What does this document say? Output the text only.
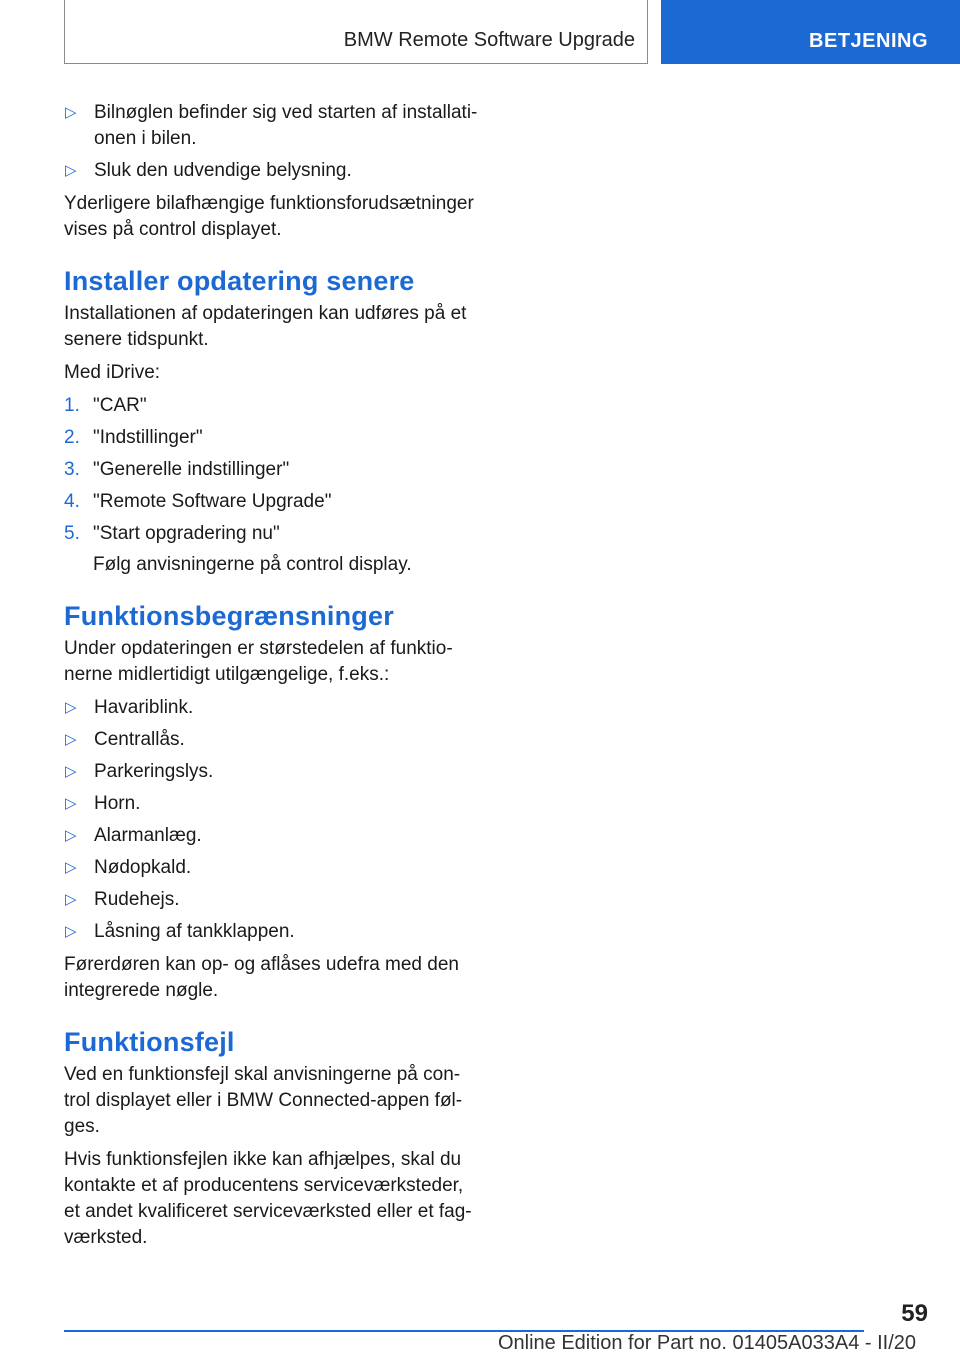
BMW Remote Software Upgrade	BETJENING
▷ Bilnøglen befinder sig ved starten af installati-onen i bilen.
▷ Sluk den udvendige belysning.

Yderligere bilafhængige funktionsforudsætninger vises på control displayet.

Installer opdatering senere

Installationen af opdateringen kan udføres på et senere tidspunkt.

Med iDrive:

1. "CAR"
2. "Indstillinger"
3. "Generelle indstillinger"
4. "Remote Software Upgrade"
5. "Start opgradering nu"

Følg anvisningerne på control display.

Funktionsbegrænsninger

Under opdateringen er størstedelen af funktio-nerne midlertidigt utilgængelige, f.eks.:

▷ Havariblink.
▷ Centrallås.
▷ Parkeringslys.
▷ Horn.
▷ Alarmanlæg.
▷ Nødopkald.
▷ Rudehejs.
▷ Låsning af tankklappen.

Førerdøren kan op- og aflåses udefra med den integrerede nøgle.

Funktionsfejl

Ved en funktionsfejl skal anvisningerne på con-trol displayet eller i BMW Connected-appen føl-ges.

Hvis funktionsfejlen ikke kan afhjælpes, skal du kontakte et af producentens serviceværksteder, et andet kvalificeret serviceværksted eller et fag-værksted.

59
Online Edition for Part no. 01405A033A4 - II/20
